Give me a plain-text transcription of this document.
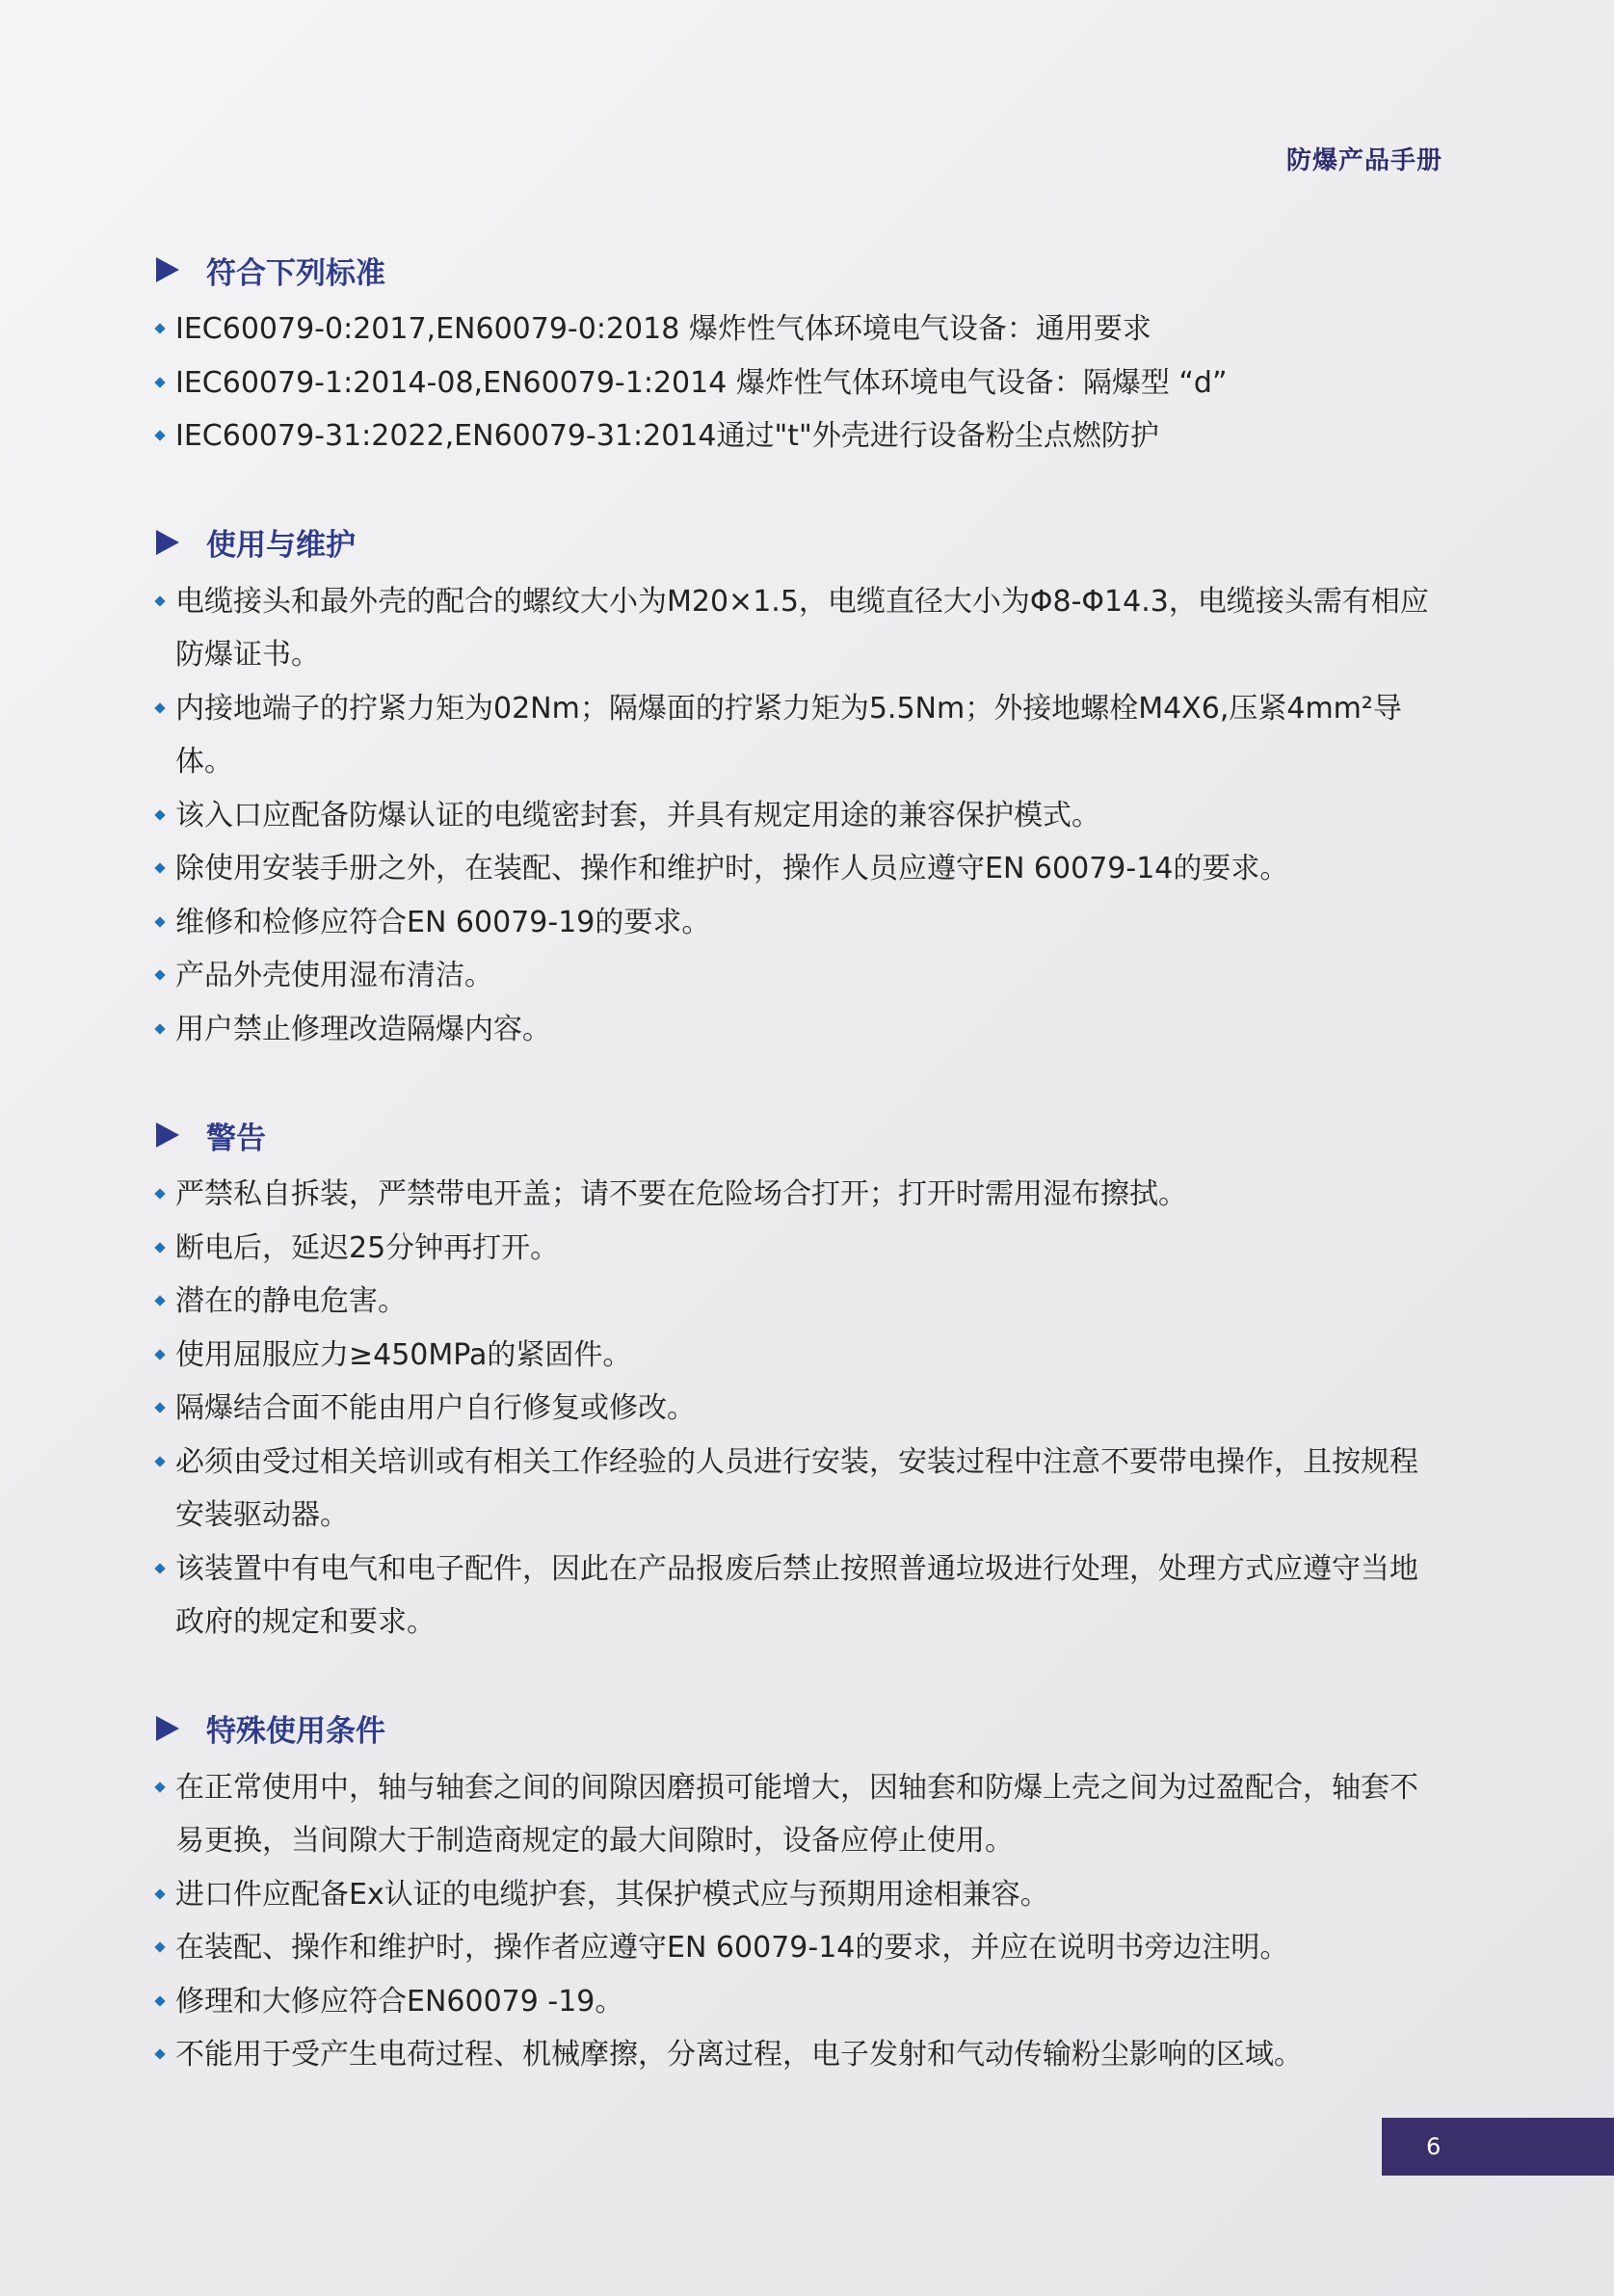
防爆产品手册
符合下列标准
IEC60079-0:2017,EN60079-0:2018 爆炸性气体环境电气设备：通用要求
IEC60079-1:2014-08,EN60079-1:2014 爆炸性气体环境电气设备：隔爆型 “d”
IEC60079-31:2022,EN60079-31:2014通过"t"外壳进行设备粉尘点燃防护
使用与维护
电缆接头和最外壳的配合的螺纹大小为M20×1.5，电缆直径大小为Φ8-Φ14.3，电缆接头需有相应防爆证书。
内接地端子的拧紧力矩为02Nm；隔爆面的拧紧力矩为5.5Nm；外接地螺栓M4X6,压紧4mm²导体。
该入口应配备防爆认证的电缆密封套，并具有规定用途的兼容保护模式。
除使用安装手册之外，在装配、操作和维护时，操作人员应遵守EN 60079-14的要求。
维修和检修应符合EN 60079-19的要求。
产品外壳使用湿布清洁。
用户禁止修理改造隔爆内容。
警告
严禁私自拆装，严禁带电开盖；请不要在危险场合打开；打开时需用湿布擦拭。
断电后，延迟25分钟再打开。
潜在的静电危害。
使用屈服应力≥450MPa的紧固件。
隔爆结合面不能由用户自行修复或修改。
必须由受过相关培训或有相关工作经验的人员进行安装，安装过程中注意不要带电操作，且按规程安装驱动器。
该装置中有电气和电子配件，因此在产品报废后禁止按照普通垃圾进行处理，处理方式应遵守当地政府的规定和要求。
特殊使用条件
在正常使用中，轴与轴套之间的间隙因磨损可能增大，因轴套和防爆上壳之间为过盈配合，轴套不易更换，当间隙大于制造商规定的最大间隙时，设备应停止使用。
进口件应配备Ex认证的电缆护套，其保护模式应与预期用途相兼容。
在装配、操作和维护时，操作者应遵守EN 60079-14的要求，并应在说明书旁边注明。
修理和大修应符合EN60079 -19。
不能用于受产生电荷过程、机械摩擦，分离过程，电子发射和气动传输粉尘影响的区域。
6
